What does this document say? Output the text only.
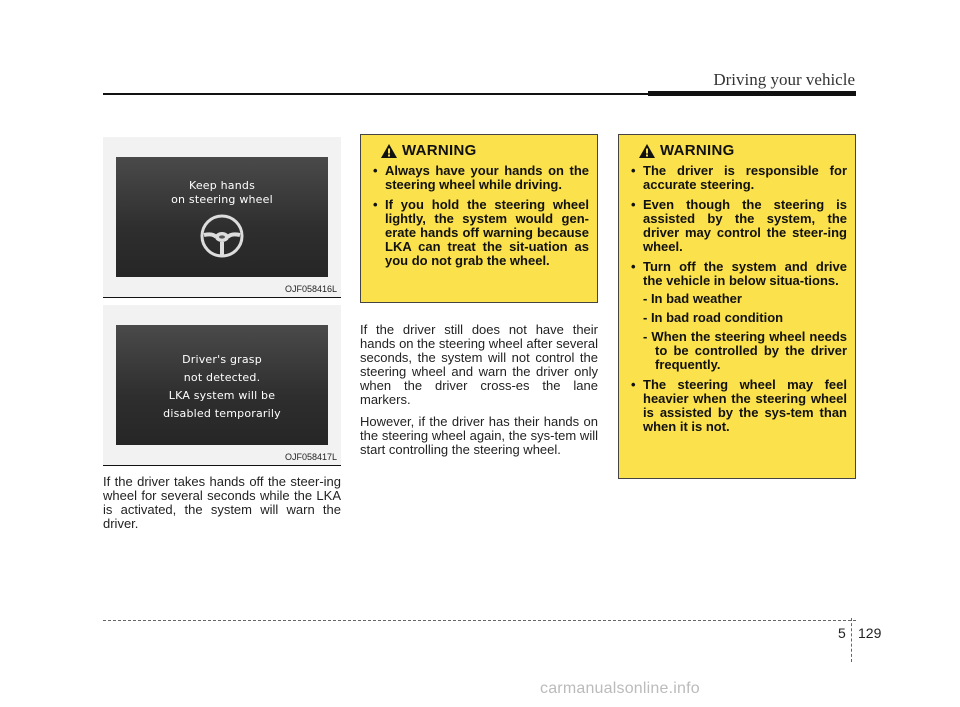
Driving your vehicle
Keep hands
on steering wheel
OJF058416L
Driver's grasp
not detected.
LKA system will be
disabled temporarily
OJF058417L

If the driver takes hands off the steer-ing wheel for several seconds while the LKA is activated, the system will warn the driver.

WARNING
• Always have your hands on the steering wheel while driving.
• If you hold the steering wheel lightly, the system would gen-erate hands off warning because LKA can treat the sit-uation as you do not grab the wheel.

If the driver still does not have their hands on the steering wheel after several seconds, the system will not control the steering wheel and warn the driver only when the driver cross-es the lane markers.

However, if the driver has their hands on the steering wheel again, the sys-tem will start controlling the steering wheel.

WARNING
• The driver is responsible for accurate steering.
• Even though the steering is assisted by the system, the driver may control the steer-ing wheel.
• Turn off the system and drive the vehicle in below situa-tions.
- In bad weather
- In bad road condition
- When the steering wheel needs to be controlled by the driver frequently.
• The steering wheel may feel heavier when the steering wheel is assisted by the sys-tem than when it is not.
5 129
carmanualsonline.info
